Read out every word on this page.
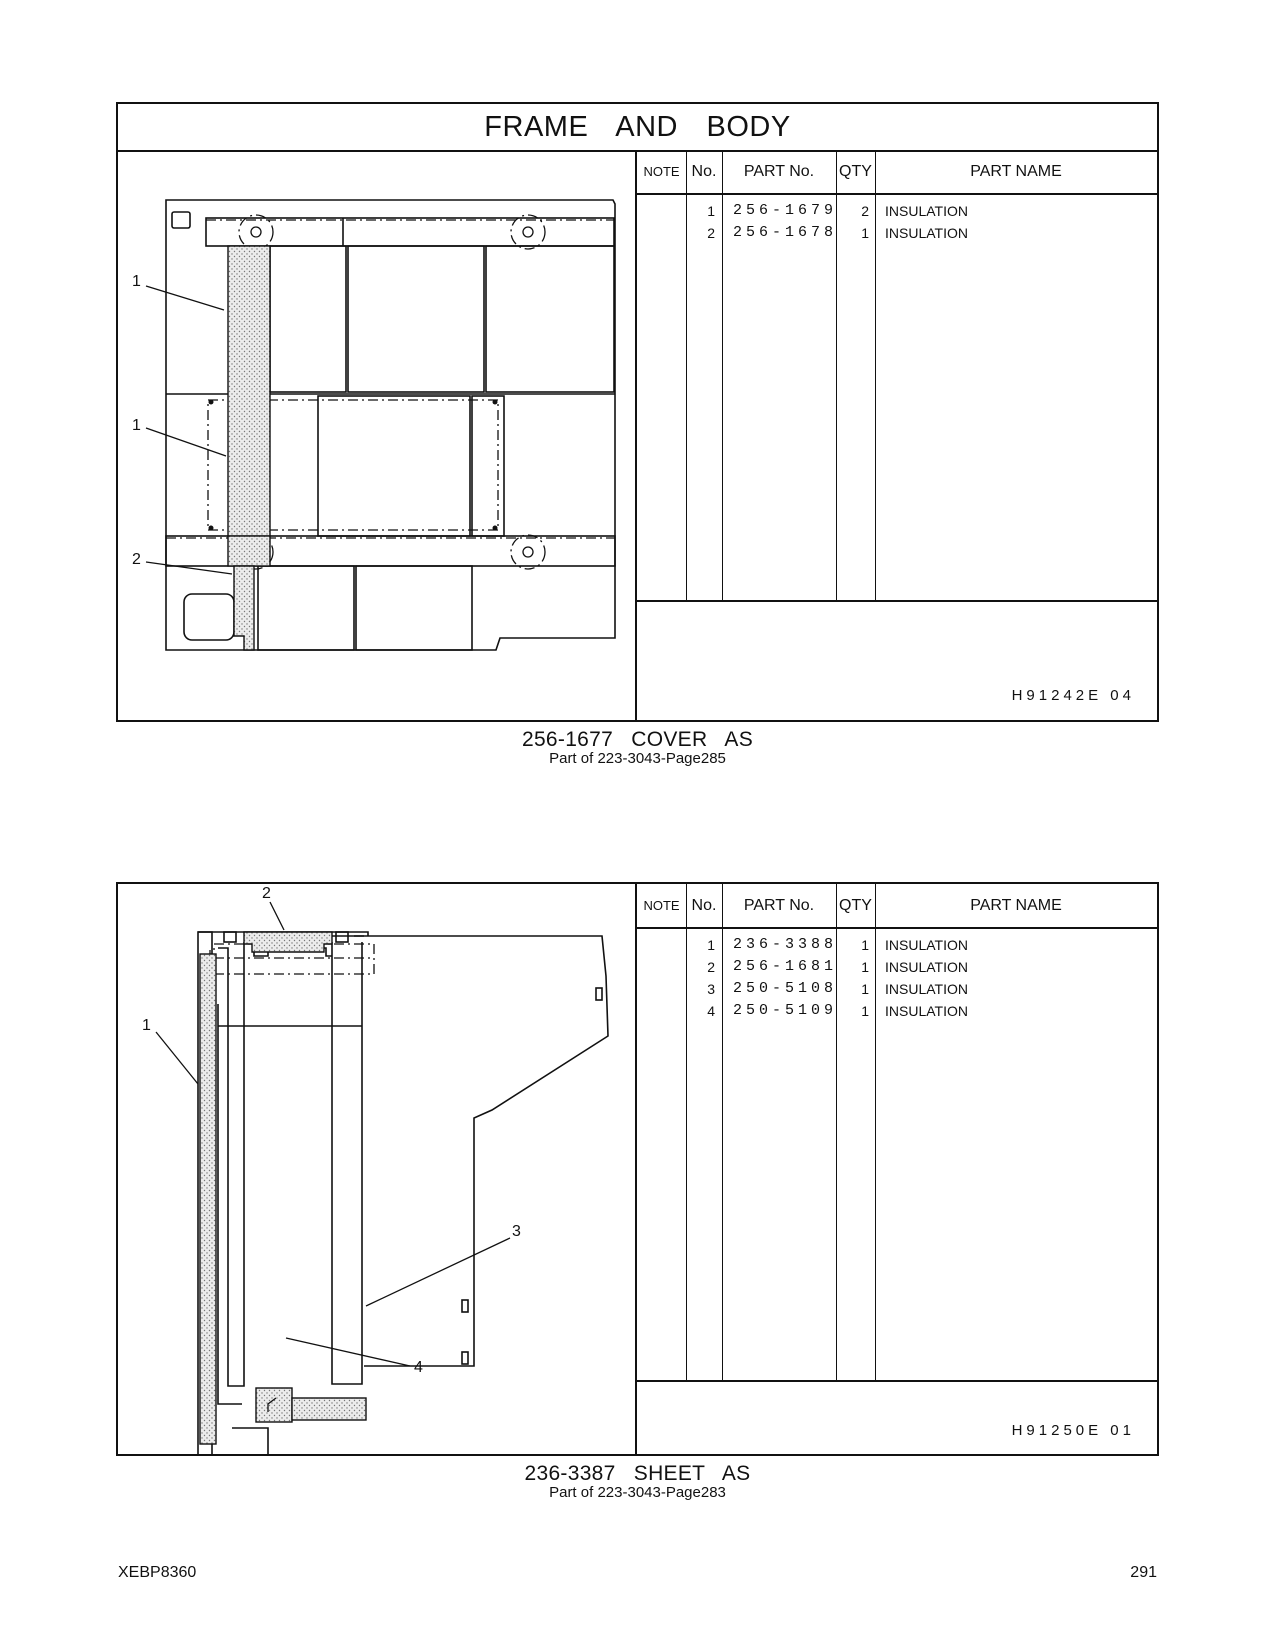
FRAME AND BODY
1
1
2
NOTE No.	PART No.	QTY	PART NAME
1 256-1679	2 INSULATION
2 256-1678	1 INSULATION
H91242E 04
256-1677 COVER AS
Part of 223-3043-Page285
2
1
3
4
NOTE No.	PART No.	QTY	PART NAME
1 236-3388	1 INSULATION
2 256-1681	1 INSULATION
3 250-5108	1 INSULATION
4 250-5109	1 INSULATION
H91250E 01
236-3387 SHEET AS
Part of 223-3043-Page283
XEBP8360	291
